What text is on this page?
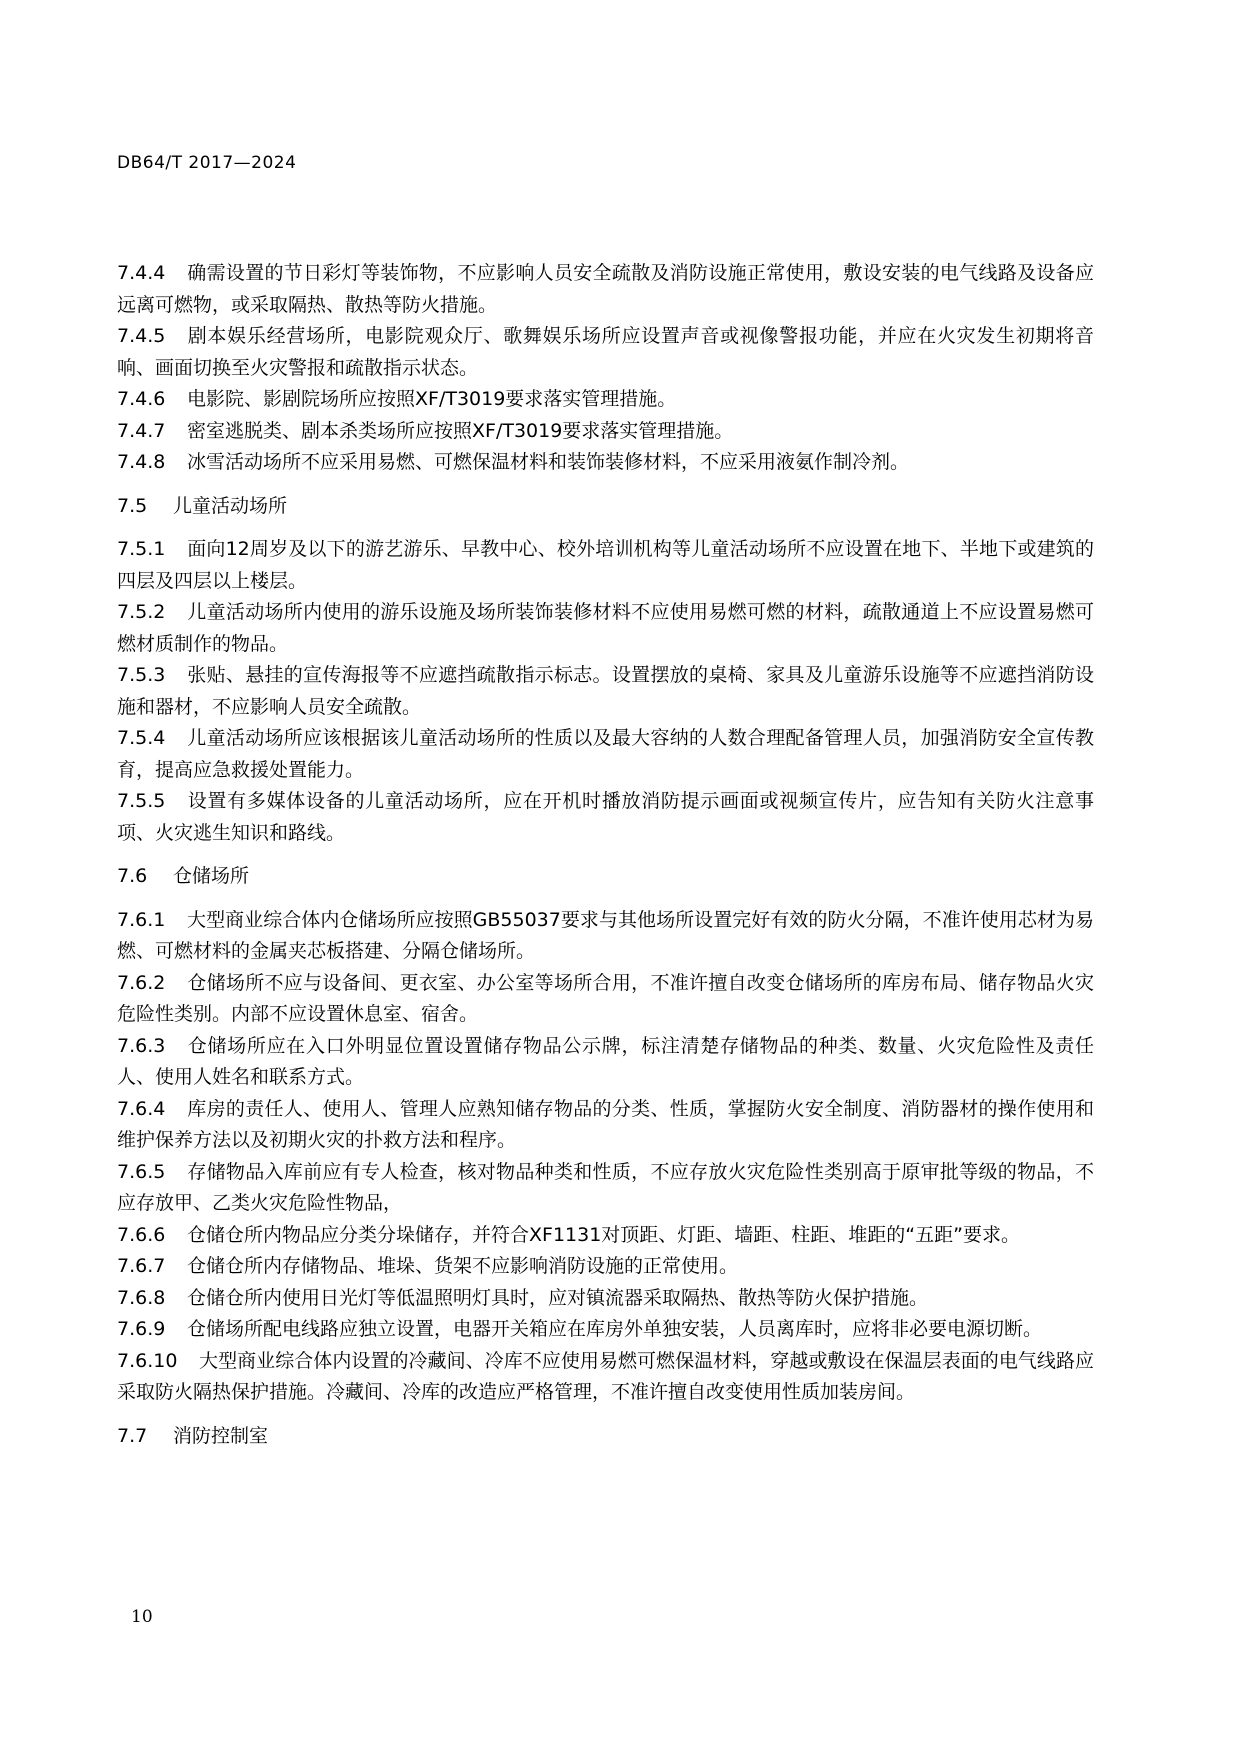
DB64/T 2017—2024
7.4.4 确需设置的节日彩灯等装饰物，不应影响人员安全疏散及消防设施正常使用，敷设安装的电气线路及设备应远离可燃物，或采取隔热、散热等防火措施。
7.4.5 剧本娱乐经营场所，电影院观众厅、歌舞娱乐场所应设置声音或视像警报功能，并应在火灾发生初期将音响、画面切换至火灾警报和疏散指示状态。
7.4.6 电影院、影剧院场所应按照XF/T3019要求落实管理措施。
7.4.7 密室逃脱类、剧本杀类场所应按照XF/T3019要求落实管理措施。
7.4.8 冰雪活动场所不应采用易燃、可燃保温材料和装饰装修材料，不应采用液氨作制冷剂。
7.5 儿童活动场所
7.5.1 面向12周岁及以下的游艺游乐、早教中心、校外培训机构等儿童活动场所不应设置在地下、半地下或建筑的四层及四层以上楼层。
7.5.2 儿童活动场所内使用的游乐设施及场所装饰装修材料不应使用易燃可燃的材料，疏散通道上不应设置易燃可燃材质制作的物品。
7.5.3 张贴、悬挂的宣传海报等不应遮挡疏散指示标志。设置摆放的桌椅、家具及儿童游乐设施等不应遮挡消防设施和器材，不应影响人员安全疏散。
7.5.4 儿童活动场所应该根据该儿童活动场所的性质以及最大容纳的人数合理配备管理人员，加强消防安全宣传教育，提高应急救援处置能力。
7.5.5 设置有多媒体设备的儿童活动场所，应在开机时播放消防提示画面或视频宣传片，应告知有关防火注意事项、火灾逃生知识和路线。
7.6 仓储场所
7.6.1 大型商业综合体内仓储场所应按照GB55037要求与其他场所设置完好有效的防火分隔，不准许使用芯材为易燃、可燃材料的金属夹芯板搭建、分隔仓储场所。
7.6.2 仓储场所不应与设备间、更衣室、办公室等场所合用，不准许擅自改变仓储场所的库房布局、储存物品火灾危险性类别。内部不应设置休息室、宿舍。
7.6.3 仓储场所应在入口外明显位置设置储存物品公示牌，标注清楚存储物品的种类、数量、火灾危险性及责任人、使用人姓名和联系方式。
7.6.4 库房的责任人、使用人、管理人应熟知储存物品的分类、性质，掌握防火安全制度、消防器材的操作使用和维护保养方法以及初期火灾的扑救方法和程序。
7.6.5 存储物品入库前应有专人检查，核对物品种类和性质，不应存放火灾危险性类别高于原审批等级的物品，不应存放甲、乙类火灾危险性物品，
7.6.6 仓储仓所内物品应分类分垛储存，并符合XF1131对顶距、灯距、墙距、柱距、堆距的“五距”要求。
7.6.7 仓储仓所内存储物品、堆垛、货架不应影响消防设施的正常使用。
7.6.8 仓储仓所内使用日光灯等低温照明灯具时，应对镇流器采取隔热、散热等防火保护措施。
7.6.9 仓储场所配电线路应独立设置，电器开关箱应在库房外单独安装，人员离库时，应将非必要电源切断。
7.6.10 大型商业综合体内设置的冷藏间、冷库不应使用易燃可燃保温材料，穿越或敷设在保温层表面的电气线路应采取防火隔热保护措施。冷藏间、冷库的改造应严格管理，不准许擅自改变使用性质加装房间。
7.7 消防控制室
10
